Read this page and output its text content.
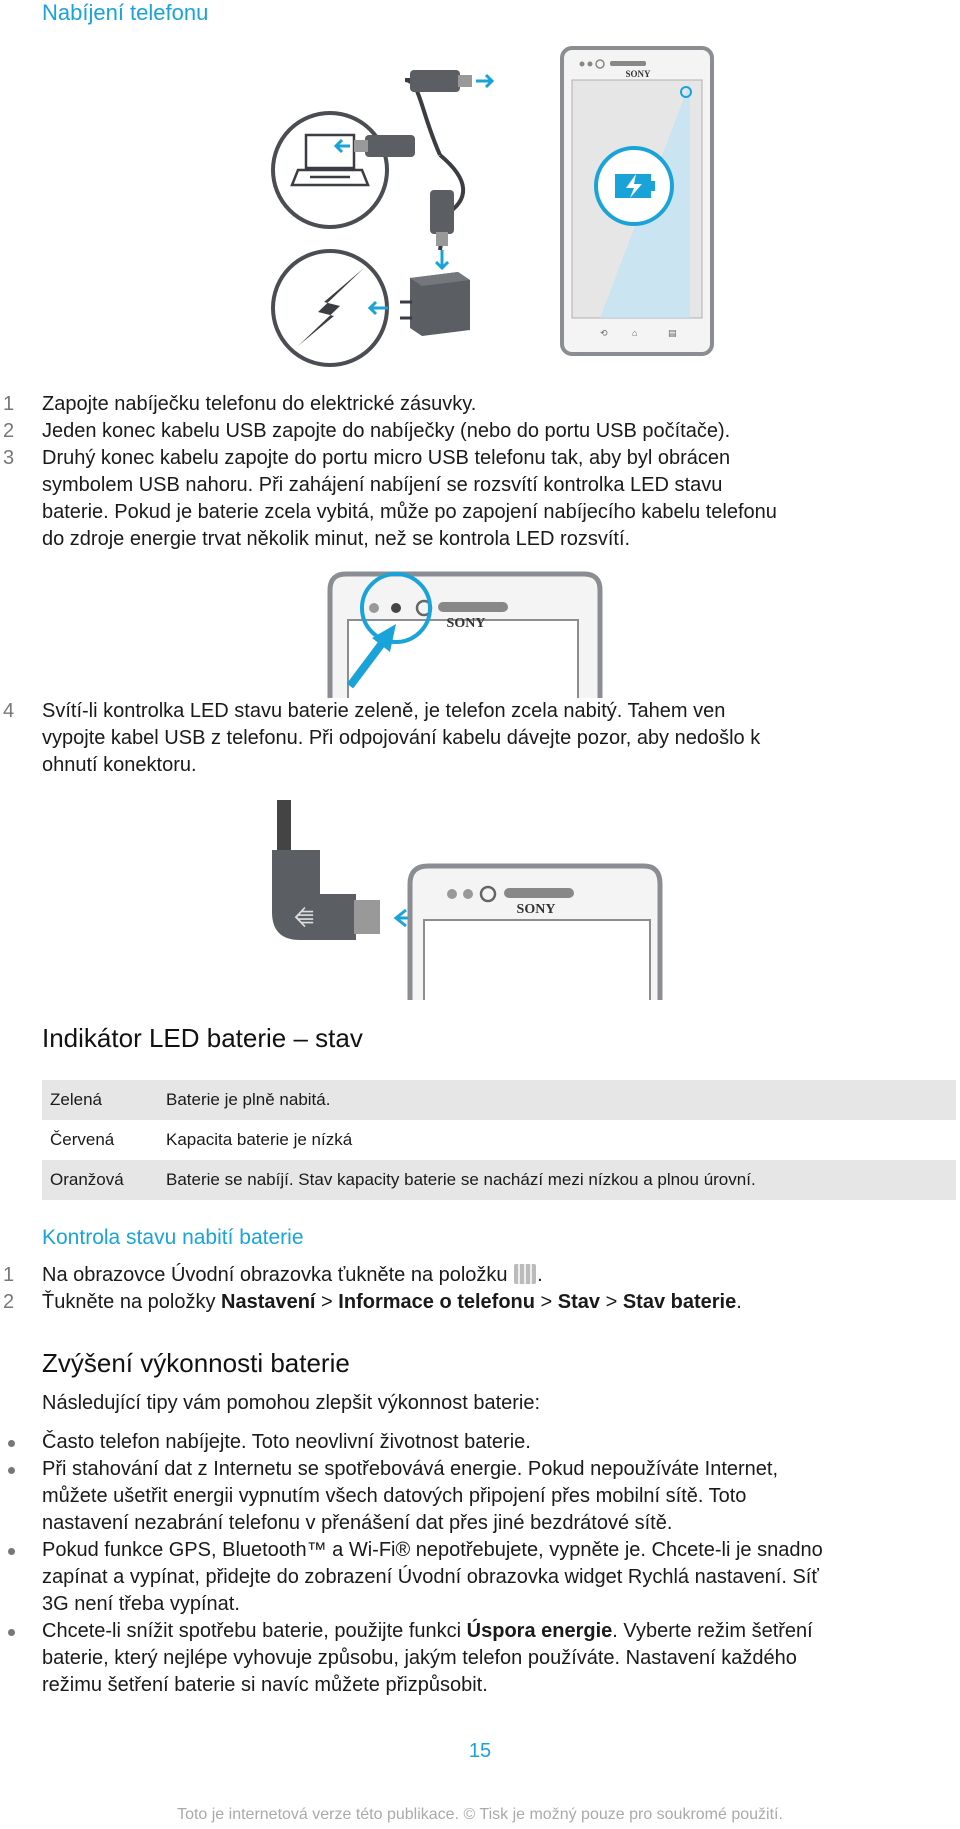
Nabíjení telefonu
SONY
⟲	⌂	▤
1 Zapojte nabíječku telefonu do elektrické zásuvky.
2 Jeden konec kabelu USB zapojte do nabíječky (nebo do portu USB počítače).
3 Druhý konec kabelu zapojte do portu micro USB telefonu tak, aby byl obrácen
symbolem USB nahoru. Při zahájení nabíjení se rozsvítí kontrolka LED stavu
baterie. Pokud je baterie zcela vybitá, může po zapojení nabíjecího kabelu telefonu
do zdroje energie trvat několik minut, než se kontrola LED rozsvítí.
SONY
4 Svítí-li kontrolka LED stavu baterie zeleně, je telefon zcela nabitý. Tahem ven
vypojte kabel USB z telefonu. Při odpojování kabelu dávejte pozor, aby nedošlo k
ohnutí konektoru.
⭅	SONY
Indikátor LED baterie – stav
Zelená	Baterie je plně nabitá.
Červená	Kapacita baterie je nízká
Oranžová	Baterie se nabíjí. Stav kapacity baterie se nachází mezi nízkou a plnou úrovní.
Kontrola stavu nabití baterie
1 Na obrazovce Úvodní obrazovka ťukněte na položku .
2 Ťukněte na položky Nastavení > Informace o telefonu > Stav > Stav baterie.
Zvýšení výkonnosti baterie
Následující tipy vám pomohou zlepšit výkonnost baterie:
Často telefon nabíjejte. Toto neovlivní životnost baterie.
Při stahování dat z Internetu se spotřebovává energie. Pokud nepoužíváte Internet,
můžete ušetřit energii vypnutím všech datových připojení přes mobilní sítě. Toto
nastavení nezabrání telefonu v přenášení dat přes jiné bezdrátové sítě.
Pokud funkce GPS, Bluetooth™ a Wi-Fi® nepotřebujete, vypněte je. Chcete-li je snadno
zapínat a vypínat, přidejte do zobrazení Úvodní obrazovka widget Rychlá nastavení. Síť
3G není třeba vypínat.
Chcete-li snížit spotřebu baterie, použijte funkci Úspora energie. Vyberte režim šetření
baterie, který nejlépe vyhovuje způsobu, jakým telefon používáte. Nastavení každého
režimu šetření baterie si navíc můžete přizpůsobit.
15
Toto je internetová verze této publikace. © Tisk je možný pouze pro soukromé použití.
